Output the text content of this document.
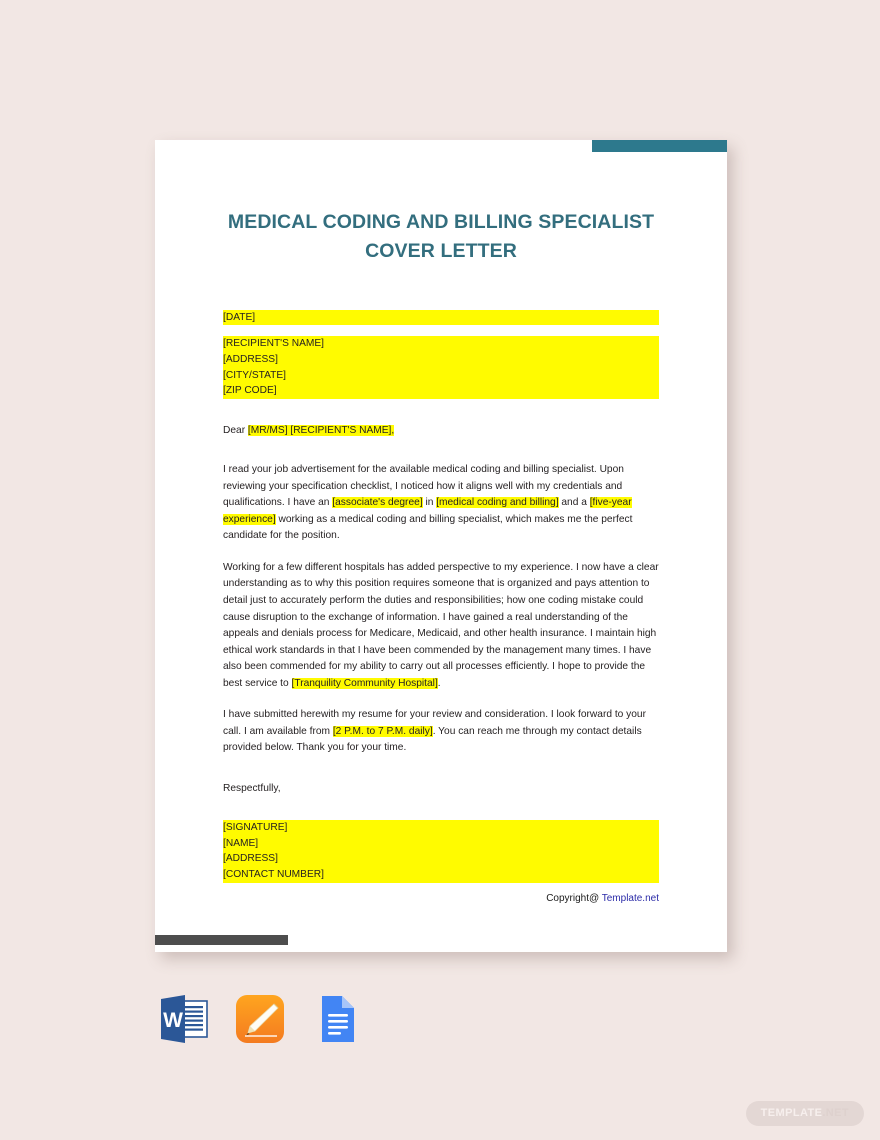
MEDICAL CODING AND BILLING SPECIALIST
COVER LETTER
[DATE]
[RECIPIENT'S NAME]
[ADDRESS]
[CITY/STATE]
[ZIP CODE]
Dear [MR/MS] [RECIPIENT'S NAME],

I read your job advertisement for the available medical coding and billing specialist. Upon reviewing your specification checklist, I noticed how it aligns well with my credentials and qualifications. I have an [associate's degree] in [medical coding and billing] and a [five-year experience] working as a medical coding and billing specialist, which makes me the perfect candidate for the position.

Working for a few different hospitals has added perspective to my experience. I now have a clear understanding as to why this position requires someone that is organized and pays attention to detail just to accurately perform the duties and responsibilities; how one coding mistake could cause disruption to the exchange of information. I have gained a real understanding of the appeals and denials process for Medicare, Medicaid, and other health insurance. I maintain high ethical work standards in that I have been commended by the management many times. I have also been commended for my ability to carry out all processes efficiently. I hope to provide the best service to [Tranquility Community Hospital].

I have submitted herewith my resume for your review and consideration. I look forward to your call. I am available from [2 P.M. to 7 P.M. daily]. You can reach me through my contact details provided below. Thank you for your time.

Respectfully,
[SIGNATURE]
[NAME]
[ADDRESS]
[CONTACT NUMBER]
Copyright@ Template.net
W
TEMPLATE.NET
